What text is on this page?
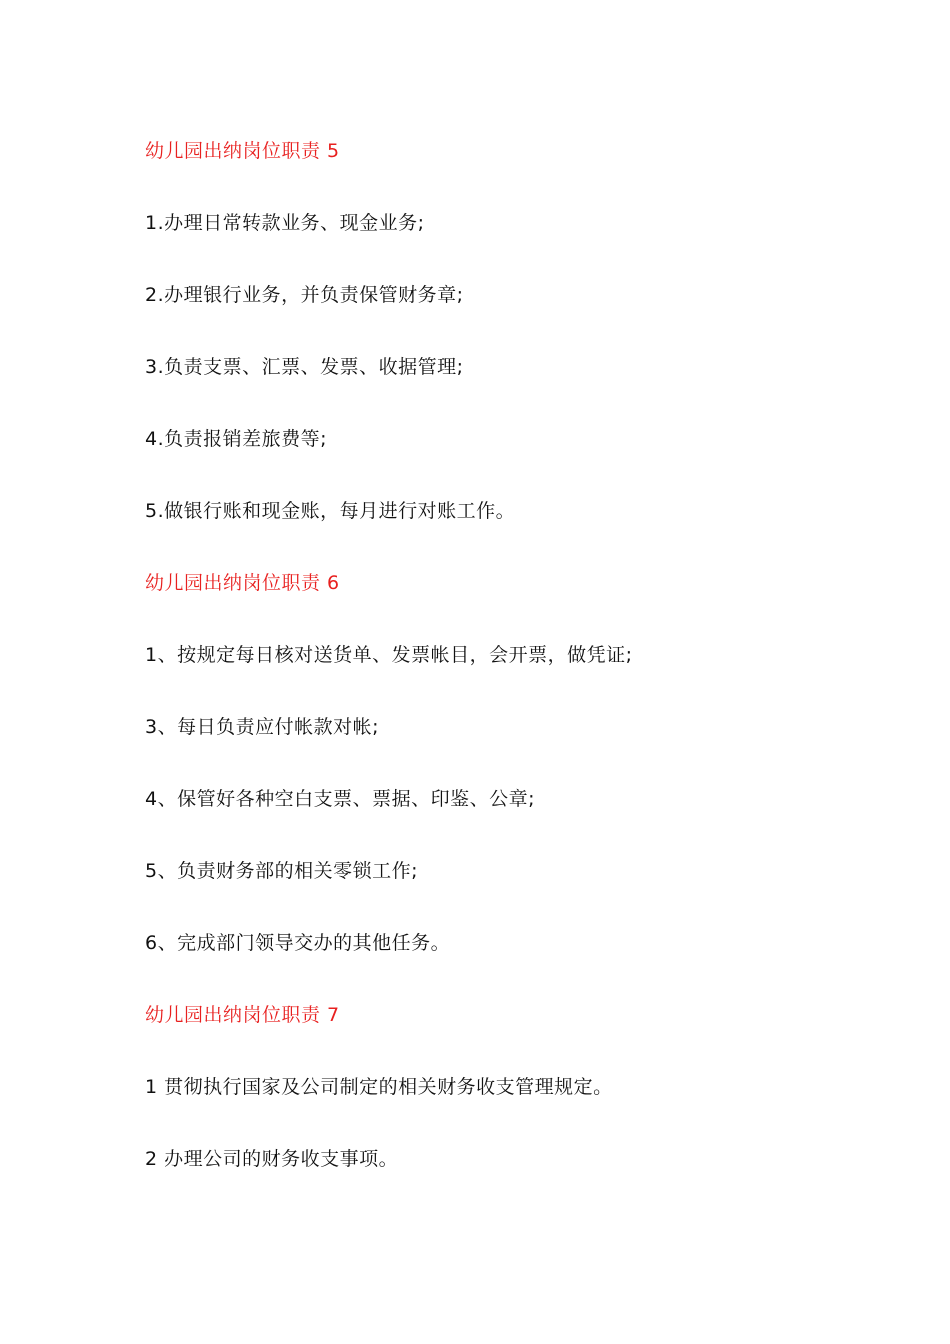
幼儿园出纳岗位职责 5
1.办理日常转款业务、现金业务;
2.办理银行业务，并负责保管财务章;
3.负责支票、汇票、发票、收据管理;
4.负责报销差旅费等;
5.做银行账和现金账，每月进行对账工作。
幼儿园出纳岗位职责 6
1、按规定每日核对送货单、发票帐目，会开票，做凭证;
3、每日负责应付帐款对帐;
4、保管好各种空白支票、票据、印鉴、公章;
5、负责财务部的相关零锁工作;
6、完成部门领导交办的其他任务。
幼儿园出纳岗位职责 7
1 贯彻执行国家及公司制定的相关财务收支管理规定。
2 办理公司的财务收支事项。
